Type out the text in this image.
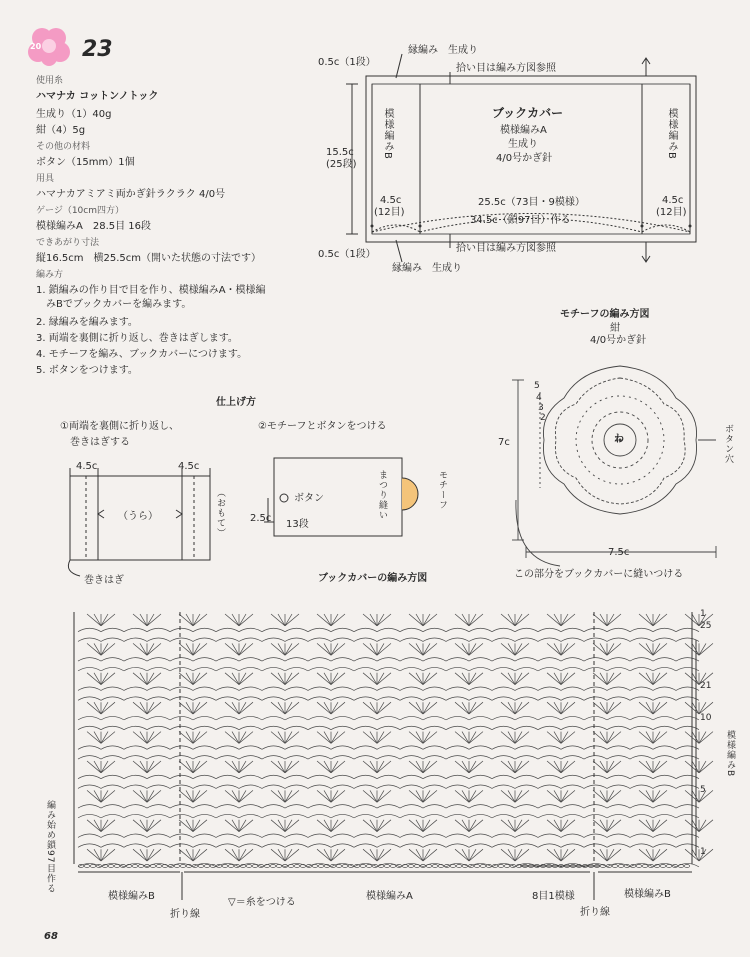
20 23
使用糸
ハマナカ コットンノトック
生成り（1）40g
紺（4）5g
その他の材料
ボタン（15mm）1個
用具
ハマナカアミアミ両かぎ針ラクラク 4/0号
ゲージ（10cm四方）
模様編みA　28.5目 16段
できあがり寸法
縦16.5cm　横25.5cm（開いた状態の寸法です）
編み方
1. 鎖編みの作り目で目を作り、模様編みA・模様編
　みBでブックカバーを編みます。
2. 縁編みを編みます。
3. 両端を裏側に折り返し、巻きはぎします。
4. モチーフを編み、ブックカバーにつけます。
5. ボタンをつけます。
縁編み　生成り
拾い目は編み方図参照
0.5c（1段）
ブックカバー
模様編みA
生成り
4/0号かぎ針
模様編みB	模様編みB
15.5c
(25段)
4.5c
(12目)
4.5c
(12目)
25.5c（73目・9模様）
34.5c（鎖97目）作る
0.5c（1段）
拾い目は編み方図参照
縁編み　生成り
モチーフの編み方図
紺
4/0号かぎ針
わ
7c
7.5c
ボタン穴
この部分をブックカバーに縫いつける
5
4
3
2
仕上げ方
①両端を裏側に折り返し、
巻きはぎする
②モチーフとボタンをつける
4.5c	4.5c
（うら）	（おもて）
巻きはぎ
ボタン
2.5c
13段
モチーフ
まつり縫い
ブックカバーの編み方図
1
25
21
10
5
1
編み始め鎖97目作る
模様編みB
模様編みB	模様編みA	8目1模様	模様編みB
折り線	折り線
▽＝糸をつける
68
